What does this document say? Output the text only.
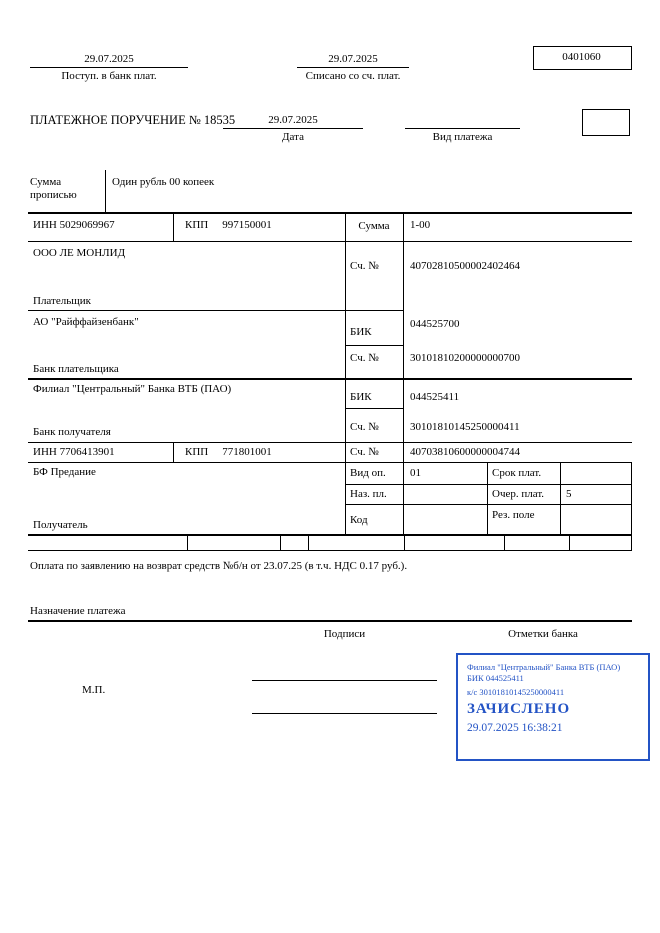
29.07.2025
Поступ. в банк плат.
29.07.2025
Списано со сч. плат.
0401060
ПЛАТЕЖНОЕ ПОРУЧЕНИЕ № 18535	29.07.2025
Дата	Вид платежа
Сумма прописью
Один рубль 00 копеек
ИНН 5029069967	КПП 997150001	Сумма	1-00
ООО ЛЕ МОНЛИД
Плательщик
Сч. №	40702810500002402464
АО "Райффайзенбанк"
Банк плательщика
БИК
044525700
Сч. №	30101810200000000700
Филиал "Центральный" Банка ВТБ (ПАО)
Банк получателя
БИК	044525411
Сч. №	30101810145250000411
ИНН 7706413901	КПП 771801001	Сч. №	40703810600000004744
БФ Предание
Получатель
Вид оп. 01	Срок плат.
Наз. пл.	Очер. плат. 5
Код	Рез. поле
Оплата по заявлению на возврат средств №б/н от 23.07.25 (в т.ч. НДС 0.17 руб.).
Назначение платежа
Подписи	Отметки банка
М.П.
Филиал "Центральный" Банка ВТБ (ПАО)
БИК 044525411
к/с 30101810145250000411
ЗАЧИСЛЕНО
29.07.2025 16:38:21
